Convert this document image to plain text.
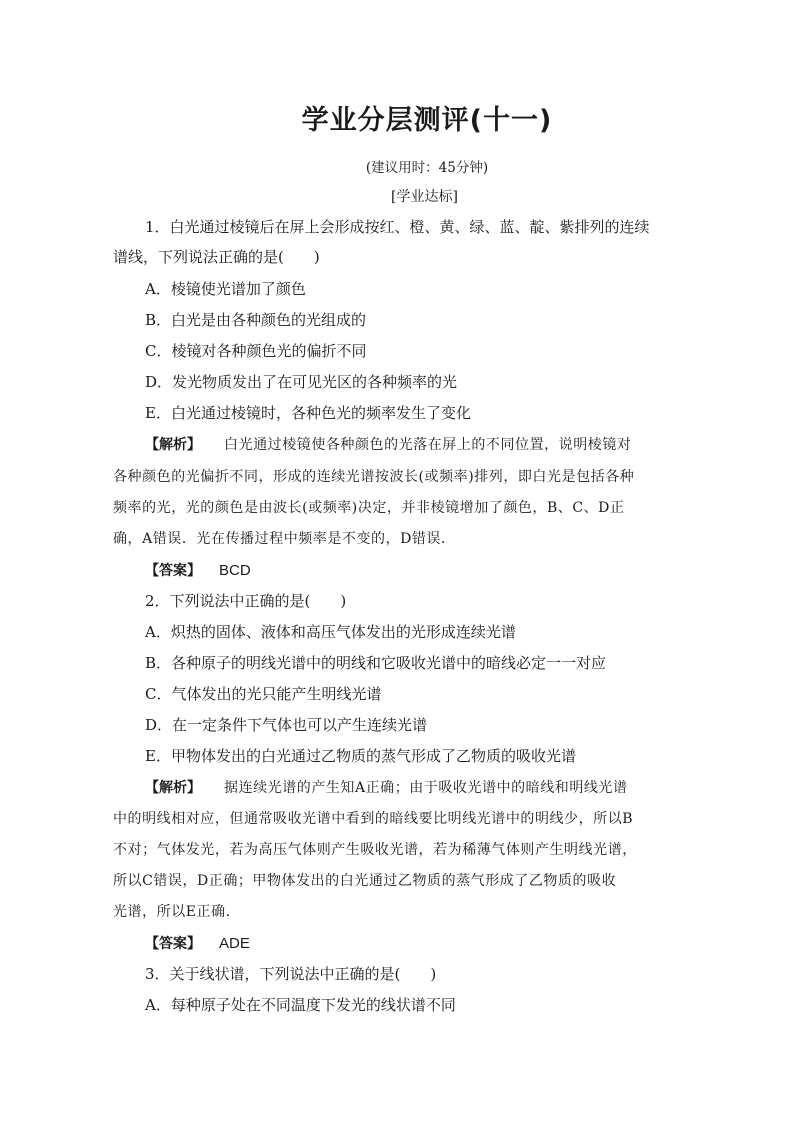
学业分层测评(十一)
(建议用时：45分钟)
[学业达标]
1．白光通过棱镜后在屏上会形成按红、橙、黄、绿、蓝、靛、紫排列的连续
谱线，下列说法正确的是(　　)
A．棱镜使光谱加了颜色
B．白光是由各种颜色的光组成的
C．棱镜对各种颜色光的偏折不同
D．发光物质发出了在可见光区的各种频率的光
E．白光通过棱镜时，各种色光的频率发生了变化
【解析】 白光通过棱镜使各种颜色的光落在屏上的不同位置，说明棱镜对
各种颜色的光偏折不同，形成的连续光谱按波长(或频率)排列，即白光是包括各种
频率的光，光的颜色是由波长(或频率)决定，并非棱镜增加了颜色，B、C、D正
确，A错误．光在传播过程中频率是不变的，D错误．
【答案】 BCD
2．下列说法中正确的是(　　)
A．炽热的固体、液体和高压气体发出的光形成连续光谱
B．各种原子的明线光谱中的明线和它吸收光谱中的暗线必定一一对应
C．气体发出的光只能产生明线光谱
D．在一定条件下气体也可以产生连续光谱
E．甲物体发出的白光通过乙物质的蒸气形成了乙物质的吸收光谱
【解析】 据连续光谱的产生知A正确；由于吸收光谱中的暗线和明线光谱
中的明线相对应，但通常吸收光谱中看到的暗线要比明线光谱中的明线少，所以B
不对；气体发光，若为高压气体则产生吸收光谱，若为稀薄气体则产生明线光谱，
所以C错误，D正确；甲物体发出的白光通过乙物质的蒸气形成了乙物质的吸收
光谱，所以E正确．
【答案】 ADE
3．关于线状谱，下列说法中正确的是(　　)
A．每种原子处在不同温度下发光的线状谱不同
